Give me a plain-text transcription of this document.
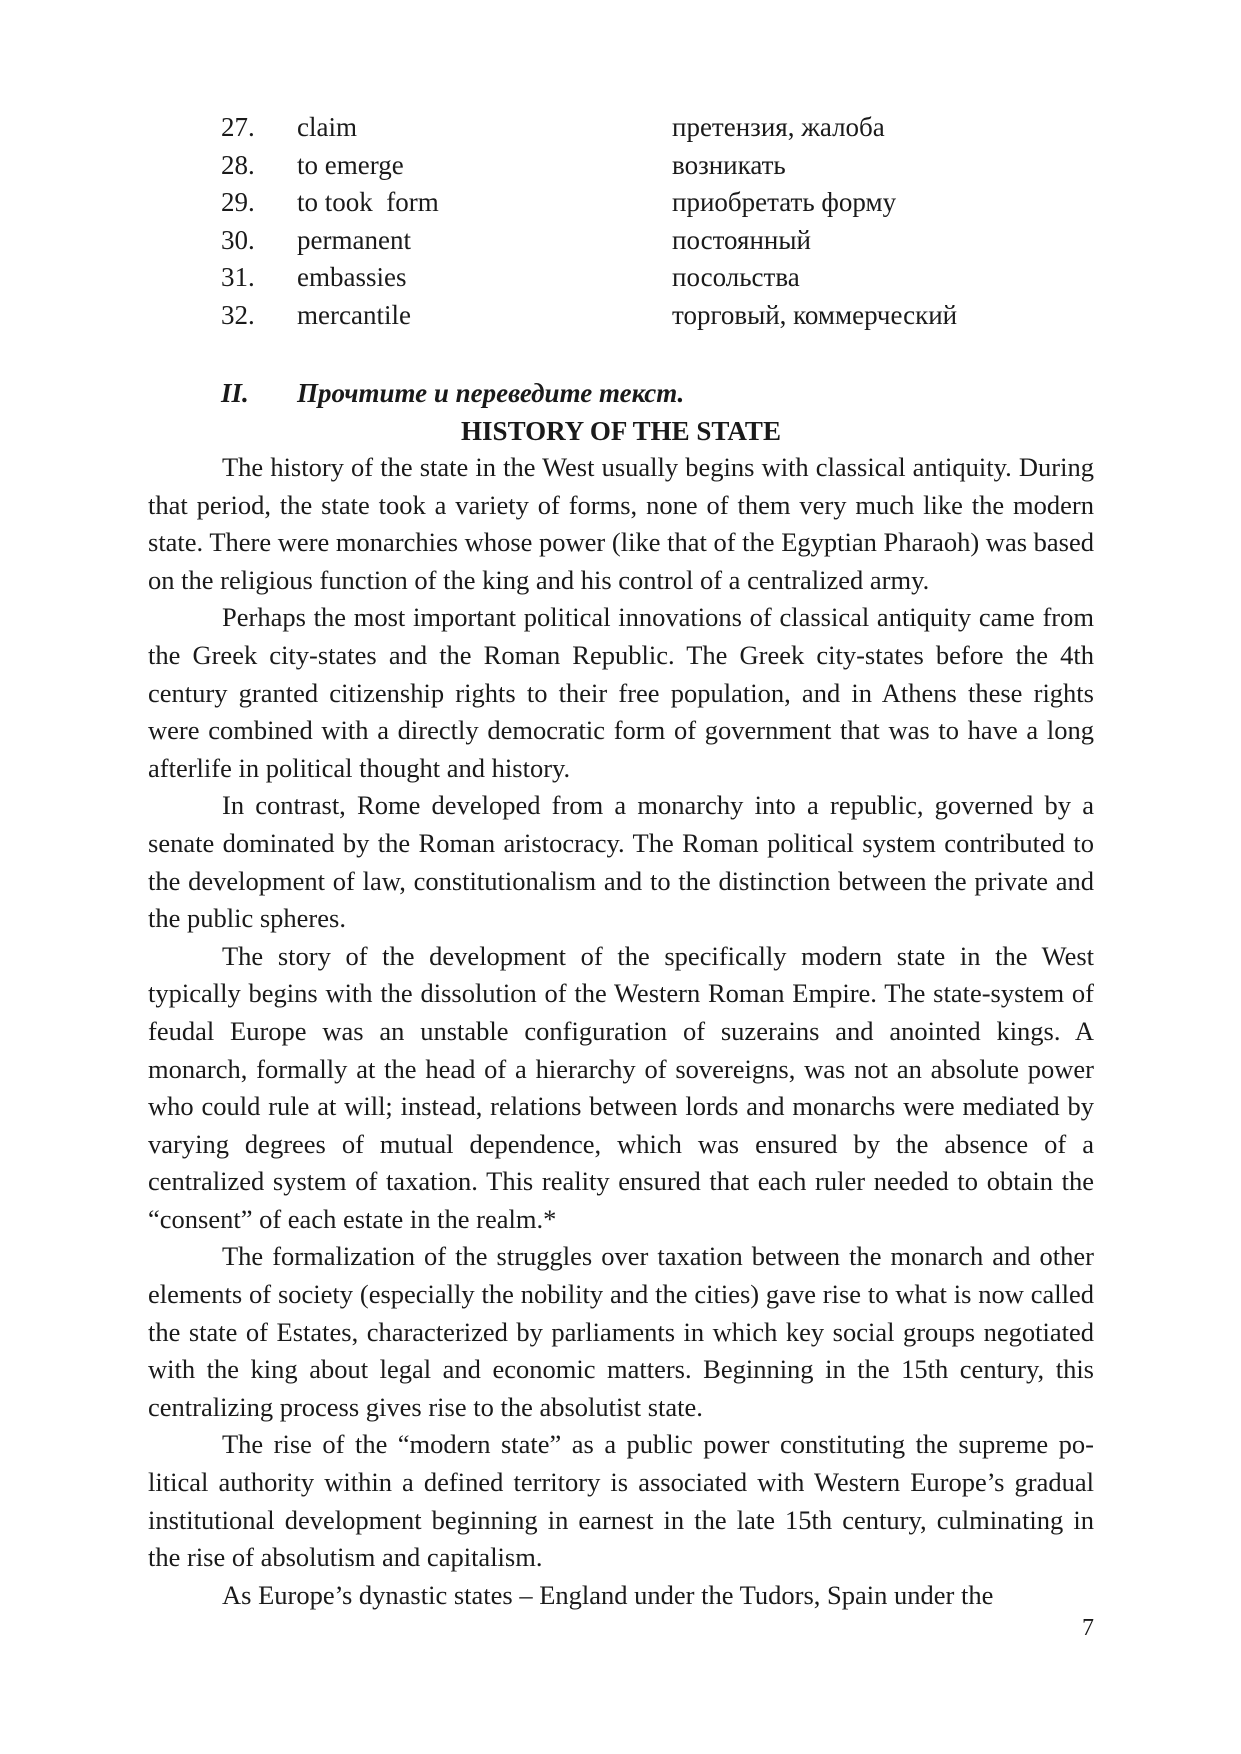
27. claim	претензия, жалоба
28. to emerge	возникать
29. to took  form	приобретать форму
30. permanent	постоянный
31. embassies	посольства
32. mercantile	торговый, коммерческий
II. Прочтите и переведите текст.
HISTORY OF THE STATE

The history of the state in the West usually begins with classical antiquity. During that period, the state took a variety of forms, none of them very much like the modern state. There were monarchies whose power (like that of the Egyptian Pharaoh) was based on the religious function of the king and his control of a centralized army.

Perhaps the most important political innovations of classical antiquity came from the Greek city-states and the Roman Republic. The Greek city-states before the 4th century granted citizenship rights to their free population, and in Athens these rights were combined with a directly democratic form of government that was to have a long afterlife in political thought and history.

In contrast, Rome developed from a monarchy into a republic, governed by a senate dominated by the Roman aristocracy. The Roman political system contributed to the development of law, constitutionalism and to the distinction between the private and the public spheres.

The story of the development of the specifically modern state in the West typically begins with the dissolution of the Western Roman Empire. The state-system of feudal Europe was an unstable configuration of suzerains and anointed kings. A monarch, formally at the head of a hierarchy of sovereigns, was not an absolute power who could rule at will; instead, relations between lords and monarchs were mediated by varying degrees of mutual dependence, which was ensured by the absence of a centralized system of taxation. This reality ensured that each ruler needed to obtain the “consent” of each estate in the realm.*

The formalization of the struggles over taxation between the monarch and other elements of society (especially the nobility and the cities) gave rise to what is now called the state of Estates, characterized by parliaments in which key social groups negotiated with the king about legal and economic matters. Beginning in the 15th century, this centralizing process gives rise to the absolutist state.

The rise of the “modern state” as a public power constituting the supreme political authority within a defined territory is associated with Western Europe’s gradual institutional development beginning in earnest in the late 15th century, culminating in the rise of absolutism and capitalism.

As Europe’s dynastic states – England under the Tudors, Spain under the

7
